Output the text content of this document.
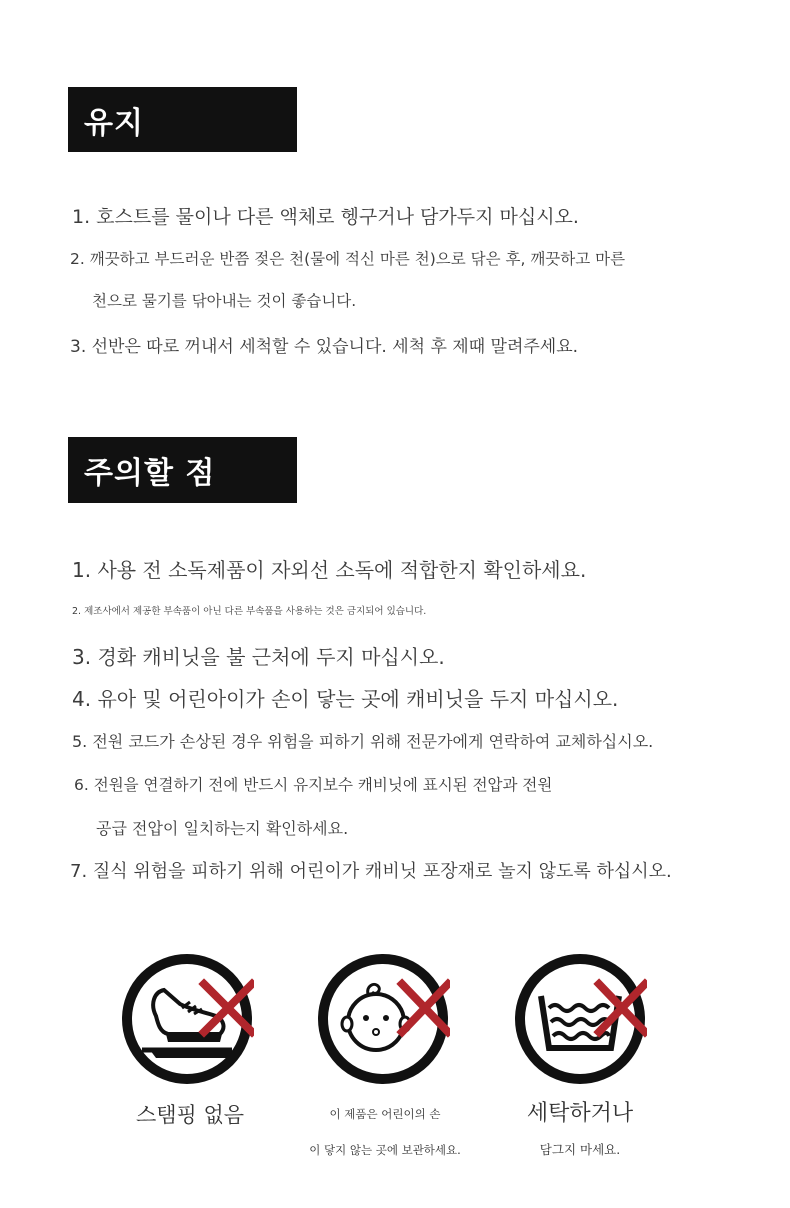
유지
1. 호스트를 물이나 다른 액체로 헹구거나 담가두지 마십시오.
2. 깨끗하고 부드러운 반쯤 젖은 천(물에 적신 마른 천)으로 닦은 후, 깨끗하고 마른
천으로 물기를 닦아내는 것이 좋습니다.
3. 선반은 따로 꺼내서 세척할 수 있습니다. 세척 후 제때 말려주세요.
주의할 점
1. 사용 전 소독제품이 자외선 소독에 적합한지 확인하세요.
2. 제조사에서 제공한 부속품이 아닌 다른 부속품을 사용하는 것은 금지되어 있습니다.
3. 경화 캐비닛을 불 근처에 두지 마십시오.
4. 유아 및 어린아이가 손이 닿는 곳에 캐비닛을 두지 마십시오.
5. 전원 코드가 손상된 경우 위험을 피하기 위해 전문가에게 연락하여 교체하십시오.
6. 전원을 연결하기 전에 반드시 유지보수 캐비닛에 표시된 전압과 전원
공급 전압이 일치하는지 확인하세요.
7. 질식 위험을 피하기 위해 어린이가 캐비닛 포장재로 놀지 않도록 하십시오.
스탬핑 없음	이 제품은 어린이의 손
이 닿지 않는 곳에 보관하세요.
세탁하거나
담그지 마세요.
